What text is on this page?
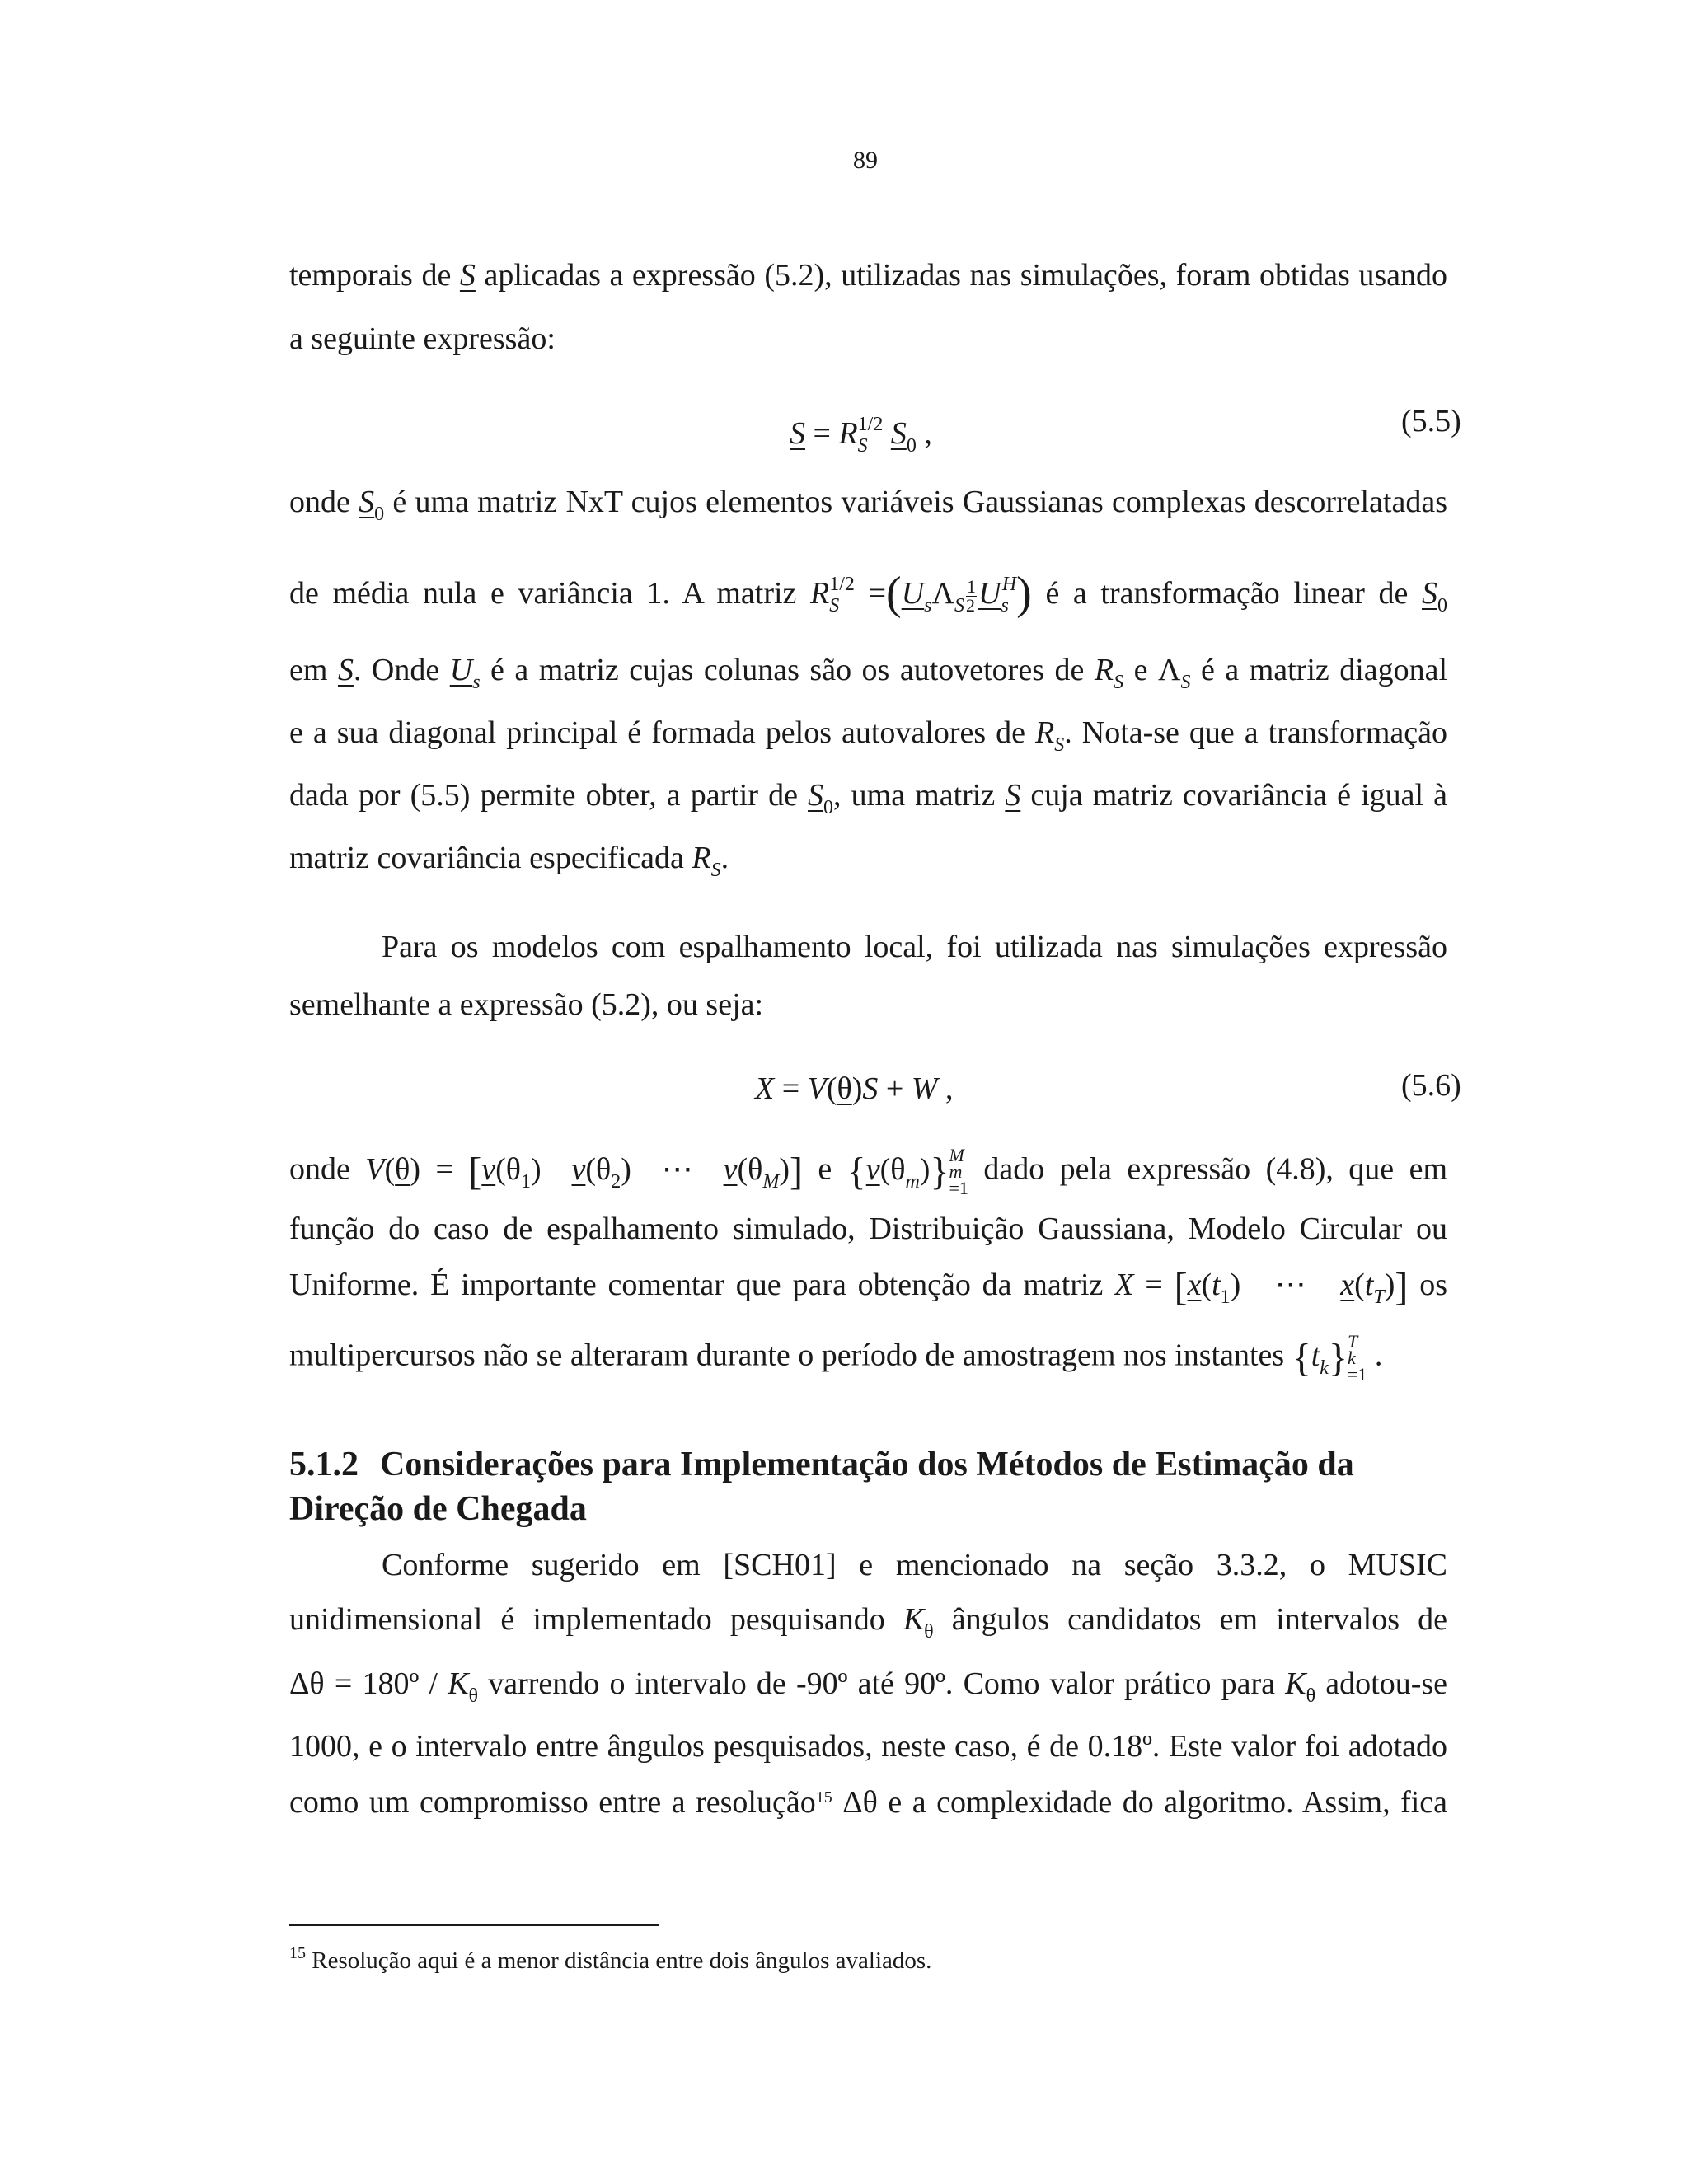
89
temporais de S aplicadas a expressão (5.2), utilizadas nas simulações, foram obtidas usando
a seguinte expressão:
$S = R_S^{1/2}$ $S_0$ ,	(5.5)
onde $S_0$ é uma matriz NxT cujos elementos variáveis Gaussianas complexas descorrelatadas
de média nula e variância 1. A matriz $R_S^{1/2} =(U_s\Lambda_S \frac{1}{2} U_s^H)$ é a transformação linear de $S_0$
em S. Onde $U_s$ é a matriz cujas colunas são os autovetores de $R_S$ e $\Lambda_S$ é a matriz diagonal
e a sua diagonal principal é formada pelos autovalores de $R_S$. Nota-se que a transformação
dada por (5.5) permite obter, a partir de $S_0$, uma matriz S cuja matriz covariância é igual à
matriz covariância especificada $R_S$.
Para os modelos com espalhamento local, foi utilizada nas simulações expressão
semelhante a expressão (5.2), ou seja:
X = V(θ)S + W ,	(5.6)
onde $V(\theta) = [v(\theta_1)$  $v(\theta_2)$  ⋯  $v(\theta_M)$] e $\{v(\theta_m)\}$ M
m
=1
dado pela expressão (4.8), que em
função do caso de espalhamento simulado, Distribuição Gaussiana, Modelo Circular ou
Uniforme. É importante comentar que para obtenção da matriz $X = [x(t_1)$   ⋯   $x(t_T)$] os
multipercursos não se alteraram durante o período de amostragem nos instantes $\{t_k\}$ T
k
=1
.
5.1.2 Considerações para Implementação dos Métodos de Estimação da
Direção de Chegada
Conforme sugerido em [SCH01] e mencionado na seção 3.3.2, o MUSIC
unidimensional é implementado pesquisando $K_\theta$ ângulos candidatos em intervalos de
Δθ = 180º / $K_\theta$ varrendo o intervalo de -90º até 90º. Como valor prático para $K_\theta$ adotou-se
1000, e o intervalo entre ângulos pesquisados, neste caso, é de 0.18º. Este valor foi adotado
como um compromisso entre a resolução$^{15}$ Δθ e a complexidade do algoritmo. Assim, fica
$^{15}$ Resolução aqui é a menor distância entre dois ângulos avaliados.
